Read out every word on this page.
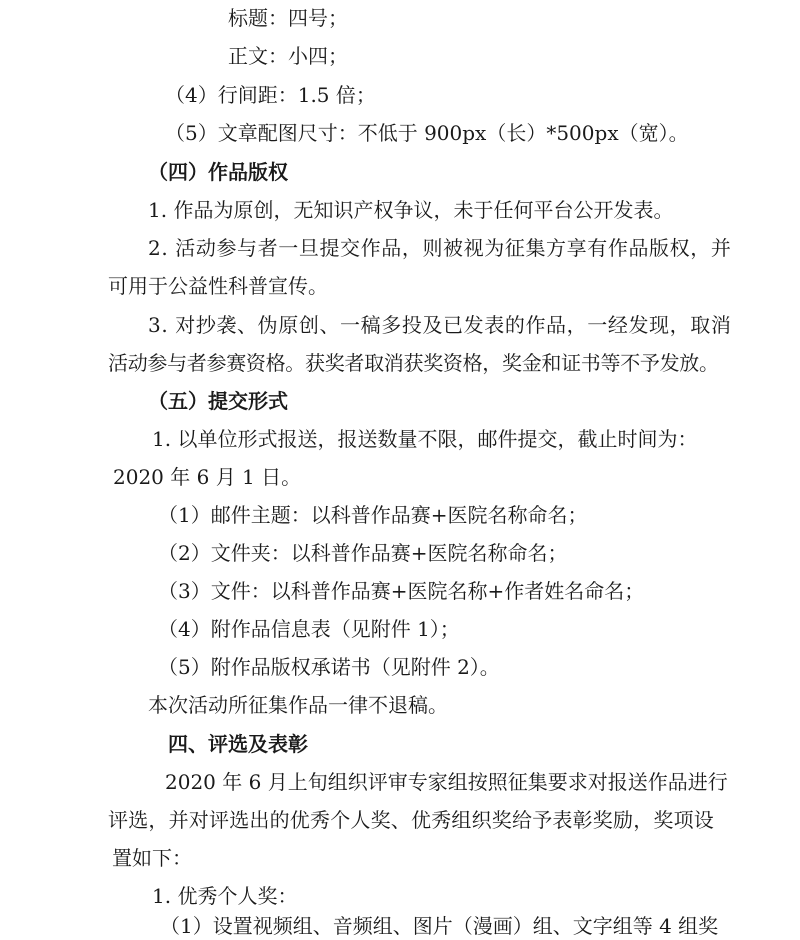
标题：四号；
正文：小四；
（4）行间距：1.5 倍；
（5）文章配图尺寸：不低于 900px（长）*500px（宽）。
（四）作品版权
1. 作品为原创，无知识产权争议，未于任何平台公开发表。
2. 活动参与者一旦提交作品，则被视为征集方享有作品版权，并
可用于公益性科普宣传。
3. 对抄袭、伪原创、一稿多投及已发表的作品，一经发现，取消
活动参与者参赛资格。获奖者取消获奖资格，奖金和证书等不予发放。
（五）提交形式
1. 以单位形式报送，报送数量不限，邮件提交，截止时间为：
2020 年 6 月 1 日。
（1）邮件主题：以科普作品赛+医院名称命名；
（2）文件夹：以科普作品赛+医院名称命名；
（3）文件：以科普作品赛+医院名称+作者姓名命名；
（4）附作品信息表（见附件 1）；
（5）附作品版权承诺书（见附件 2）。
本次活动所征集作品一律不退稿。
四、评选及表彰
2020 年 6 月上旬组织评审专家组按照征集要求对报送作品进行
评选，并对评选出的优秀个人奖、优秀组织奖给予表彰奖励，奖项设
置如下：
1. 优秀个人奖：
（1）设置视频组、音频组、图片（漫画）组、文字组等 4 组奖
